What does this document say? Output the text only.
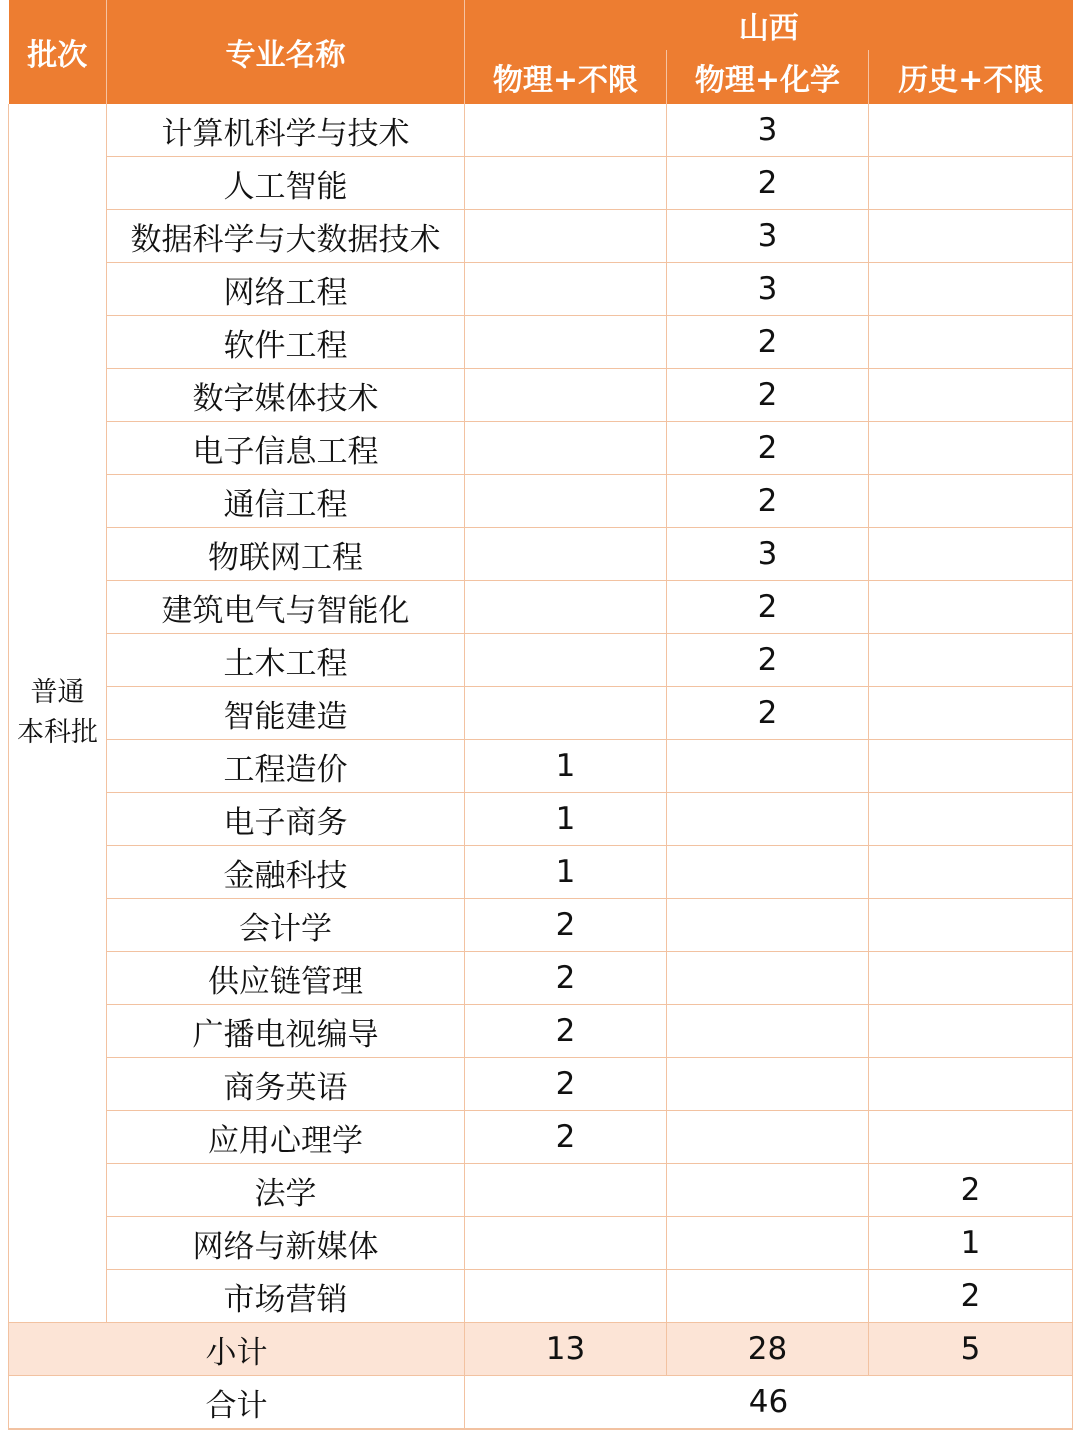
批次	专业名称	山西		
		物理+不限	物理+化学	历史+不限

普通
本科批	计算机科学与技术		3	
	人工智能		2	
	数据科学与大数据技术		3	
	网络工程		3	
	软件工程		2	
	数字媒体技术		2	
	电子信息工程		2	
	通信工程		2	
	物联网工程		3	
	建筑电气与智能化		2	
	土木工程		2	
	智能建造		2	
	工程造价	1		
	电子商务	1		
	金融科技	1		
	会计学	2		
	供应链管理	2		
	广播电视编导	2		
	商务英语	2		
	应用心理学	2		
	法学			2
	网络与新媒体			1
	市场营销			2
小计		13	28	5
合计		46		
